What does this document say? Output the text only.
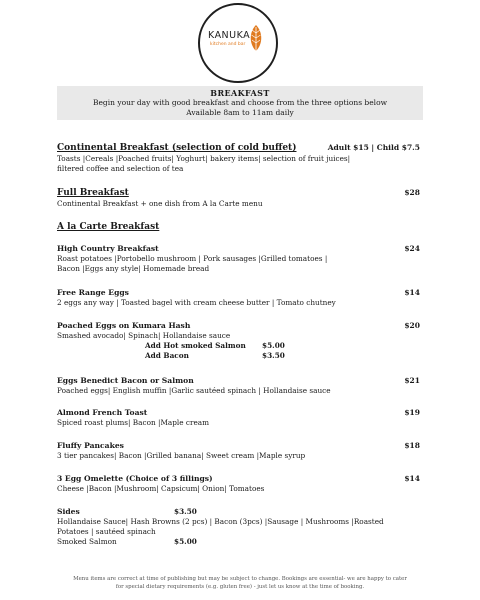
KANUKA
kitchen and bar
BREAKFAST
Begin your day with good breakfast and choose from the three options below
Available 8am to 11am daily
Continental Breakfast (selection of cold buffet)	Adult $15 | Child $7.5
Toasts |Cereals |Poached fruits| Yoghurt| bakery items| selection of fruit juices|
filtered coffee and selection of tea
Full Breakfast	$28
Continental Breakfast + one dish from A la Carte menu
A la Carte Breakfast
High Country Breakfast	$24
Roast potatoes |Portobello mushroom | Pork sausages |Grilled tomatoes |
Bacon |Eggs any style| Homemade bread
Free Range Eggs	$14
2 eggs any way | Toasted bagel with cream cheese butter | Tomato chutney
Poached Eggs on Kumara Hash	$20
Smashed avocado| Spinach| Hollandaise sauce
Add Hot smoked Salmon $5.00
Add Bacon	$3.50
Eggs Benedict Bacon or Salmon	$21
Poached eggs| English muffin |Garlic sautéed spinach | Hollandaise sauce
Almond French Toast	$19
Spiced roast plums| Bacon |Maple cream
Fluffy Pancakes	$18
3 tier pancakes| Bacon |Grilled banana| Sweet cream |Maple syrup
3 Egg Omelette (Choice of 3 fillings)	$14
Cheese |Bacon |Mushroom| Capsicum| Onion| Tomatoes
Sides	$3.50
Hollandaise Sauce| Hash Browns (2 pcs) | Bacon (3pcs) |Sausage | Mushrooms |Roasted
Potatoes | sautéed spinach
Smoked Salmon	$5.00
Menu items are correct at time of publishing but may be subject to change. Bookings are essential- we are happy to cater
for special dietary requirements (e.g. gluten free) - just let us know at the time of booking.
